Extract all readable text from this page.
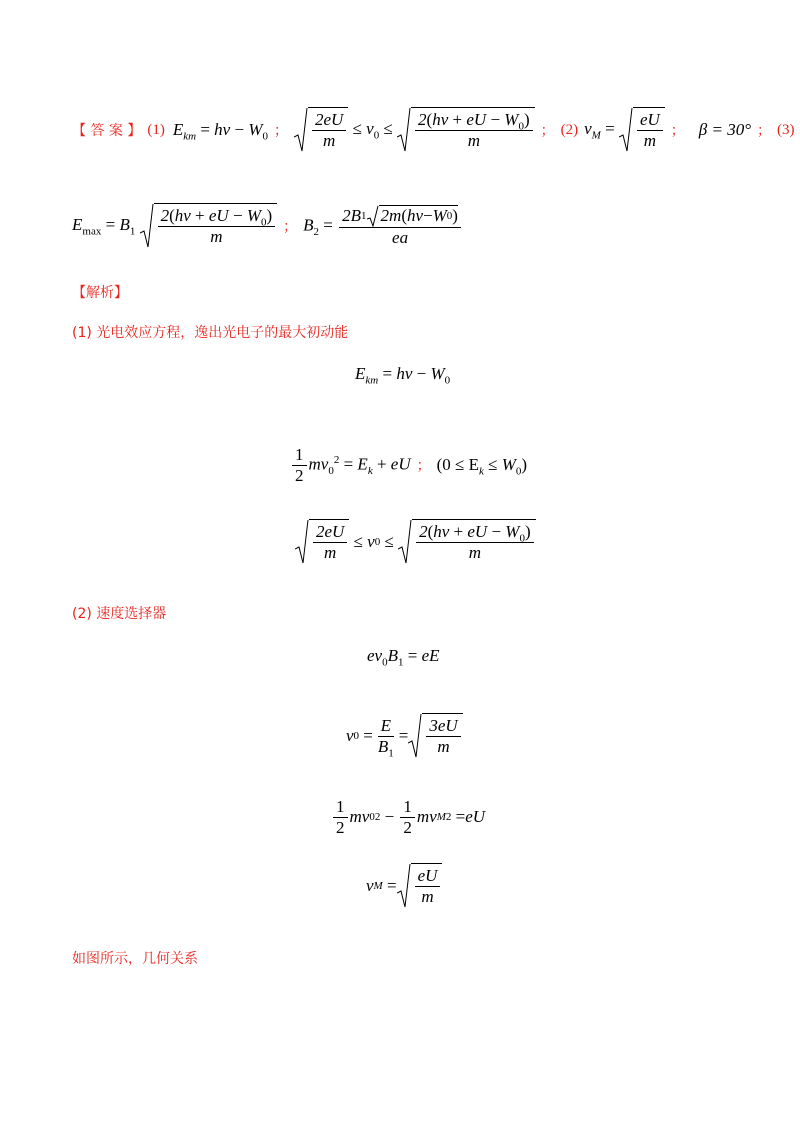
【 答 案 】 (1) $E_{km} = h\nu - W_0$ ； $\frac{2eU}{m} \le v_0 \le \frac{2(h\nu + eU - W_0)}{m}$ ； (2) $v_M = \frac{eU}{m}$ ； β = 30° ； (3)
$E_{max} = B_1 \frac{2(h\nu + eU - W_0)}{m}$ ； $B_2 = \frac{2B 1 2m ( h\nu - W 0 )}{ea}$
【解析】
(1) 光电效应方程，逸出光电子的最大初动能
$E_{km} = h\nu - W_0$
$\frac{1}{2} mv_0^2 = E_k$ + eU ； $(0 \le E_k \le W_0)$
$\frac{2eU}{m}$
≤ v 0
≤
$\frac{2(h\nu + eU - W_0)}{m}$
(2) 速度选择器
$ev_0B_1$ = eE
v 0
= $\frac{E}{B_1} = \frac{3eU}{m}$
$\frac{1}{2}$ mv 0 2
−
$\frac{1}{2}$ mv M 2
= eU
v M
= $\frac{eU}{m}$
如图所示，几何关系
